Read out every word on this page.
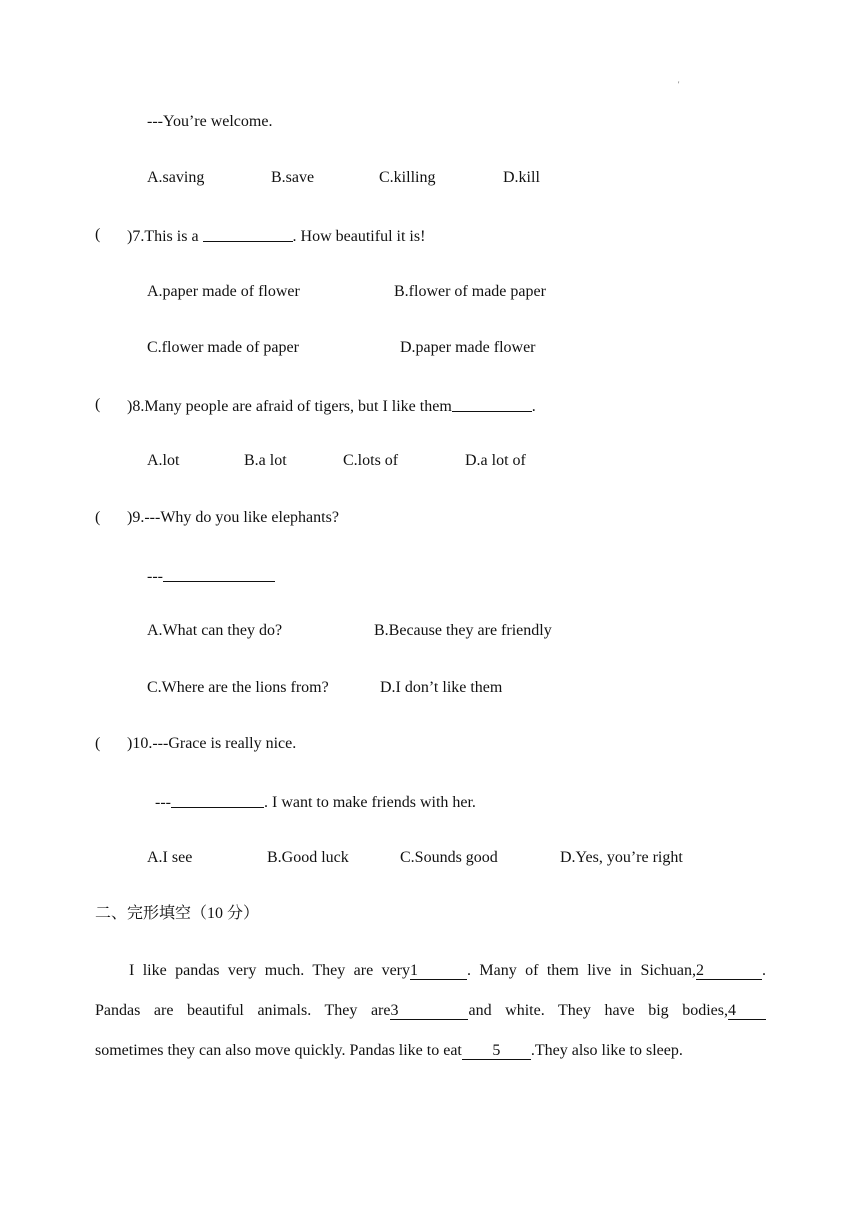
'
---You’re welcome.
A.saving	B.save	C.killing	D.kill
( )7.This is a	. How beautiful it is!
A.paper made of flower	B.flower of made paper
C.flower made of paper	D.paper made flower
( )8.Many people are afraid of tigers, but I like them	.
A.lot	B.a lot	C.lots of	D.a lot of
( )9.---Why do you like elephants?
---
A.What can they do?	B.Because they are friendly
C.Where are the lions from?	D.I don’t like them
( )10.---Grace is really nice.
---	. I want to make friends with her.
A.I see	B.Good luck	C.Sounds good	D.Yes, you’re right
二、完形填空（10 分）
I like pandas very much. They are very1	. Many of them live in Sichuan,2	.
Pandas are beautiful animals. They are3	and white. They have big bodies,4
sometimes they can also move quickly. Pandas like to eat 5 .They also like to sleep.
